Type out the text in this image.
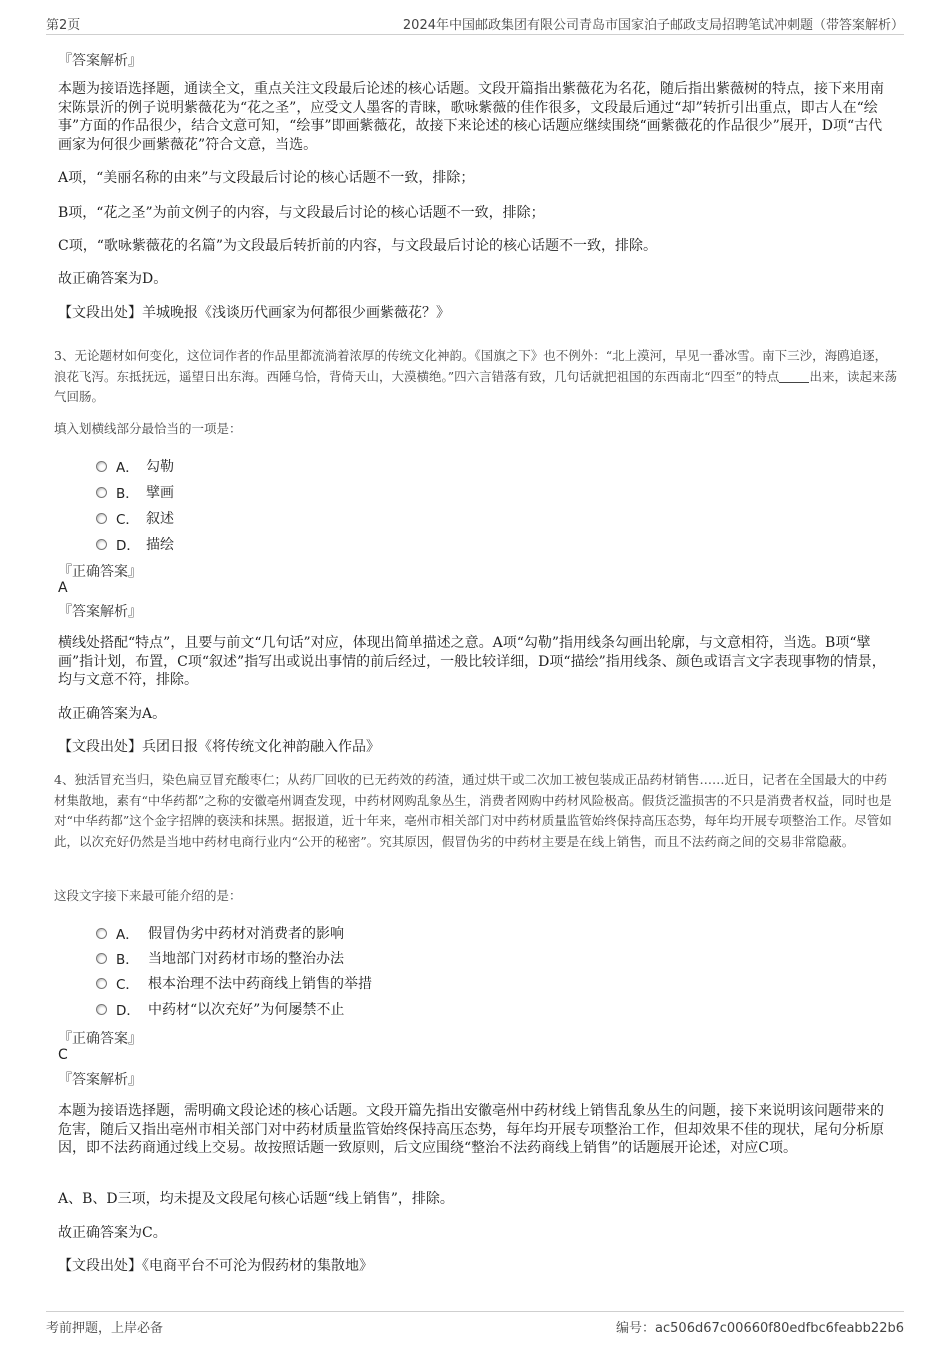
第2页	2024年中国邮政集团有限公司青岛市国家泊子邮政支局招聘笔试冲刺题（带答案解析）
『答案解析』

本题为接语选择题，通读全文，重点关注文段最后论述的核心话题。文段开篇指出紫薇花为名花，随后指出紫薇树的特点，接下来用南宋陈景沂的例子说明紫薇花为“花之圣”，应受文人墨客的青睐，歌咏紫薇的佳作很多，文段最后通过“却”转折引出重点，即古人在“绘事”方面的作品很少，结合文意可知，“绘事”即画紫薇花，故接下来论述的核心话题应继续围绕“画紫薇花的作品很少”展开，D项“古代画家为何很少画紫薇花”符合文意，当选。

A项，“美丽名称的由来”与文段最后讨论的核心话题不一致，排除；

B项，“花之圣”为前文例子的内容，与文段最后讨论的核心话题不一致，排除；

C项，“歌咏紫薇花的名篇”为文段最后转折前的内容，与文段最后讨论的核心话题不一致，排除。

故正确答案为D。

【文段出处】羊城晚报《浅谈历代画家为何都很少画紫薇花？》

3、无论题材如何变化，这位词作者的作品里都流淌着浓厚的传统文化神韵。《国旗之下》也不例外：“北上漠河，早见一番冰雪。南下三沙，海鸥追逐，浪花飞泻。东抵抚远，遥望日出东海。西陲乌恰，背倚天山，大漠横绝。”四六言错落有致，几句话就把祖国的东西南北“四至”的特点 出来，读起来荡气回肠。

填入划横线部分最恰当的一项是：

A． 勾勒
B． 擘画
C． 叙述
D． 描绘
『正确答案』
A
『答案解析』

横线处搭配“特点”，且要与前文“几句话”对应，体现出简单描述之意。A项“勾勒”指用线条勾画出轮廓，与文意相符，当选。B项“擘画”指计划，布置，C项“叙述”指写出或说出事情的前后经过，一般比较详细，D项“描绘”指用线条、颜色或语言文字表现事物的情景，均与文意不符，排除。

故正确答案为A。

【文段出处】兵团日报《将传统文化神韵融入作品》

4、独活冒充当归，染色扁豆冒充酸枣仁；从药厂回收的已无药效的药渣，通过烘干或二次加工被包装成正品药材销售……近日，记者在全国最大的中药材集散地，素有“中华药都”之称的安徽亳州调查发现，中药材网购乱象丛生，消费者网购中药材风险极高。假货泛滥损害的不只是消费者权益，同时也是对“中华药都”这个金字招牌的亵渎和抹黑。据报道，近十年来，亳州市相关部门对中药材质量监管始终保持高压态势，每年均开展专项整治工作。尽管如此，以次充好仍然是当地中药材电商行业内“公开的秘密”。究其原因，假冒伪劣的中药材主要是在线上销售，而且不法药商之间的交易非常隐蔽。

这段文字接下来最可能介绍的是：

A． 假冒伪劣中药材对消费者的影响
B． 当地部门对药材市场的整治办法
C． 根本治理不法中药商线上销售的举措
D． 中药材“以次充好”为何屡禁不止
『正确答案』
C
『答案解析』

本题为接语选择题，需明确文段论述的核心话题。文段开篇先指出安徽亳州中药材线上销售乱象丛生的问题，接下来说明该问题带来的危害，随后又指出亳州市相关部门对中药材质量监管始终保持高压态势，每年均开展专项整治工作，但却效果不佳的现状，尾句分析原因，即不法药商通过线上交易。故按照话题一致原则，后文应围绕“整治不法药商线上销售”的话题展开论述，对应C项。

A、B、D三项，均未提及文段尾句核心话题“线上销售”，排除。

故正确答案为C。

【文段出处】《电商平台不可沦为假药材的集散地》

考前押题，上岸必备	编号：ac506d67c00660f80edfbc6feabb22b6
